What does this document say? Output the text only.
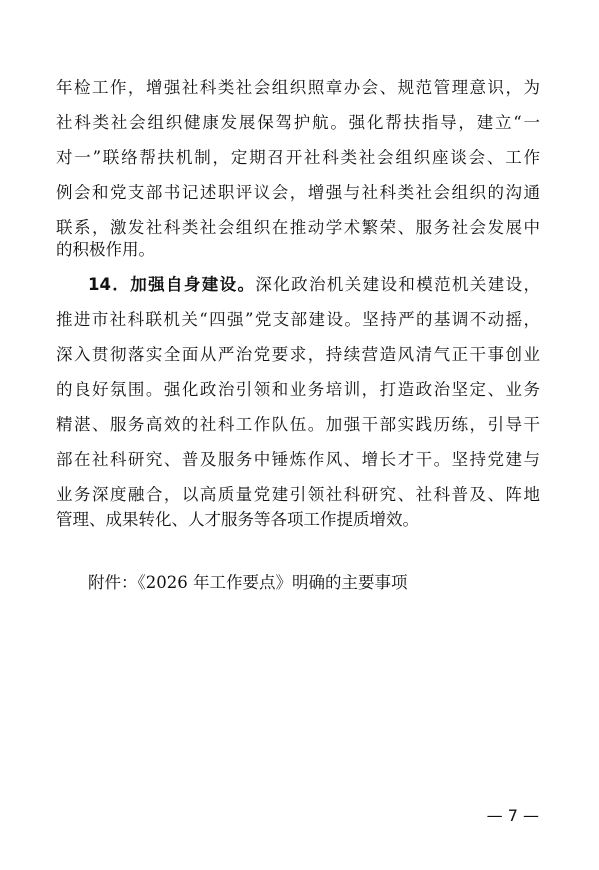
年检工作，增强社科类社会组织照章办会、规范管理意识，为
社科类社会组织健康发展保驾护航。强化帮扶指导，建立“一
对一”联络帮扶机制，定期召开社科类社会组织座谈会、工作
例会和党支部书记述职评议会，增强与社科类社会组织的沟通
联系，激发社科类社会组织在推动学术繁荣、服务社会发展中
的积极作用。
14．加强自身建设。深化政治机关建设和模范机关建设，
推进市社科联机关“四强”党支部建设。坚持严的基调不动摇，
深入贯彻落实全面从严治党要求，持续营造风清气正干事创业
的良好氛围。强化政治引领和业务培训，打造政治坚定、业务
精湛、服务高效的社科工作队伍。加强干部实践历练，引导干
部在社科研究、普及服务中锤炼作风、增长才干。坚持党建与
业务深度融合，以高质量党建引领社科研究、社科普及、阵地
管理、成果转化、人才服务等各项工作提质增效。
附件：《2026 年工作要点》明确的主要事项
— 7 —
